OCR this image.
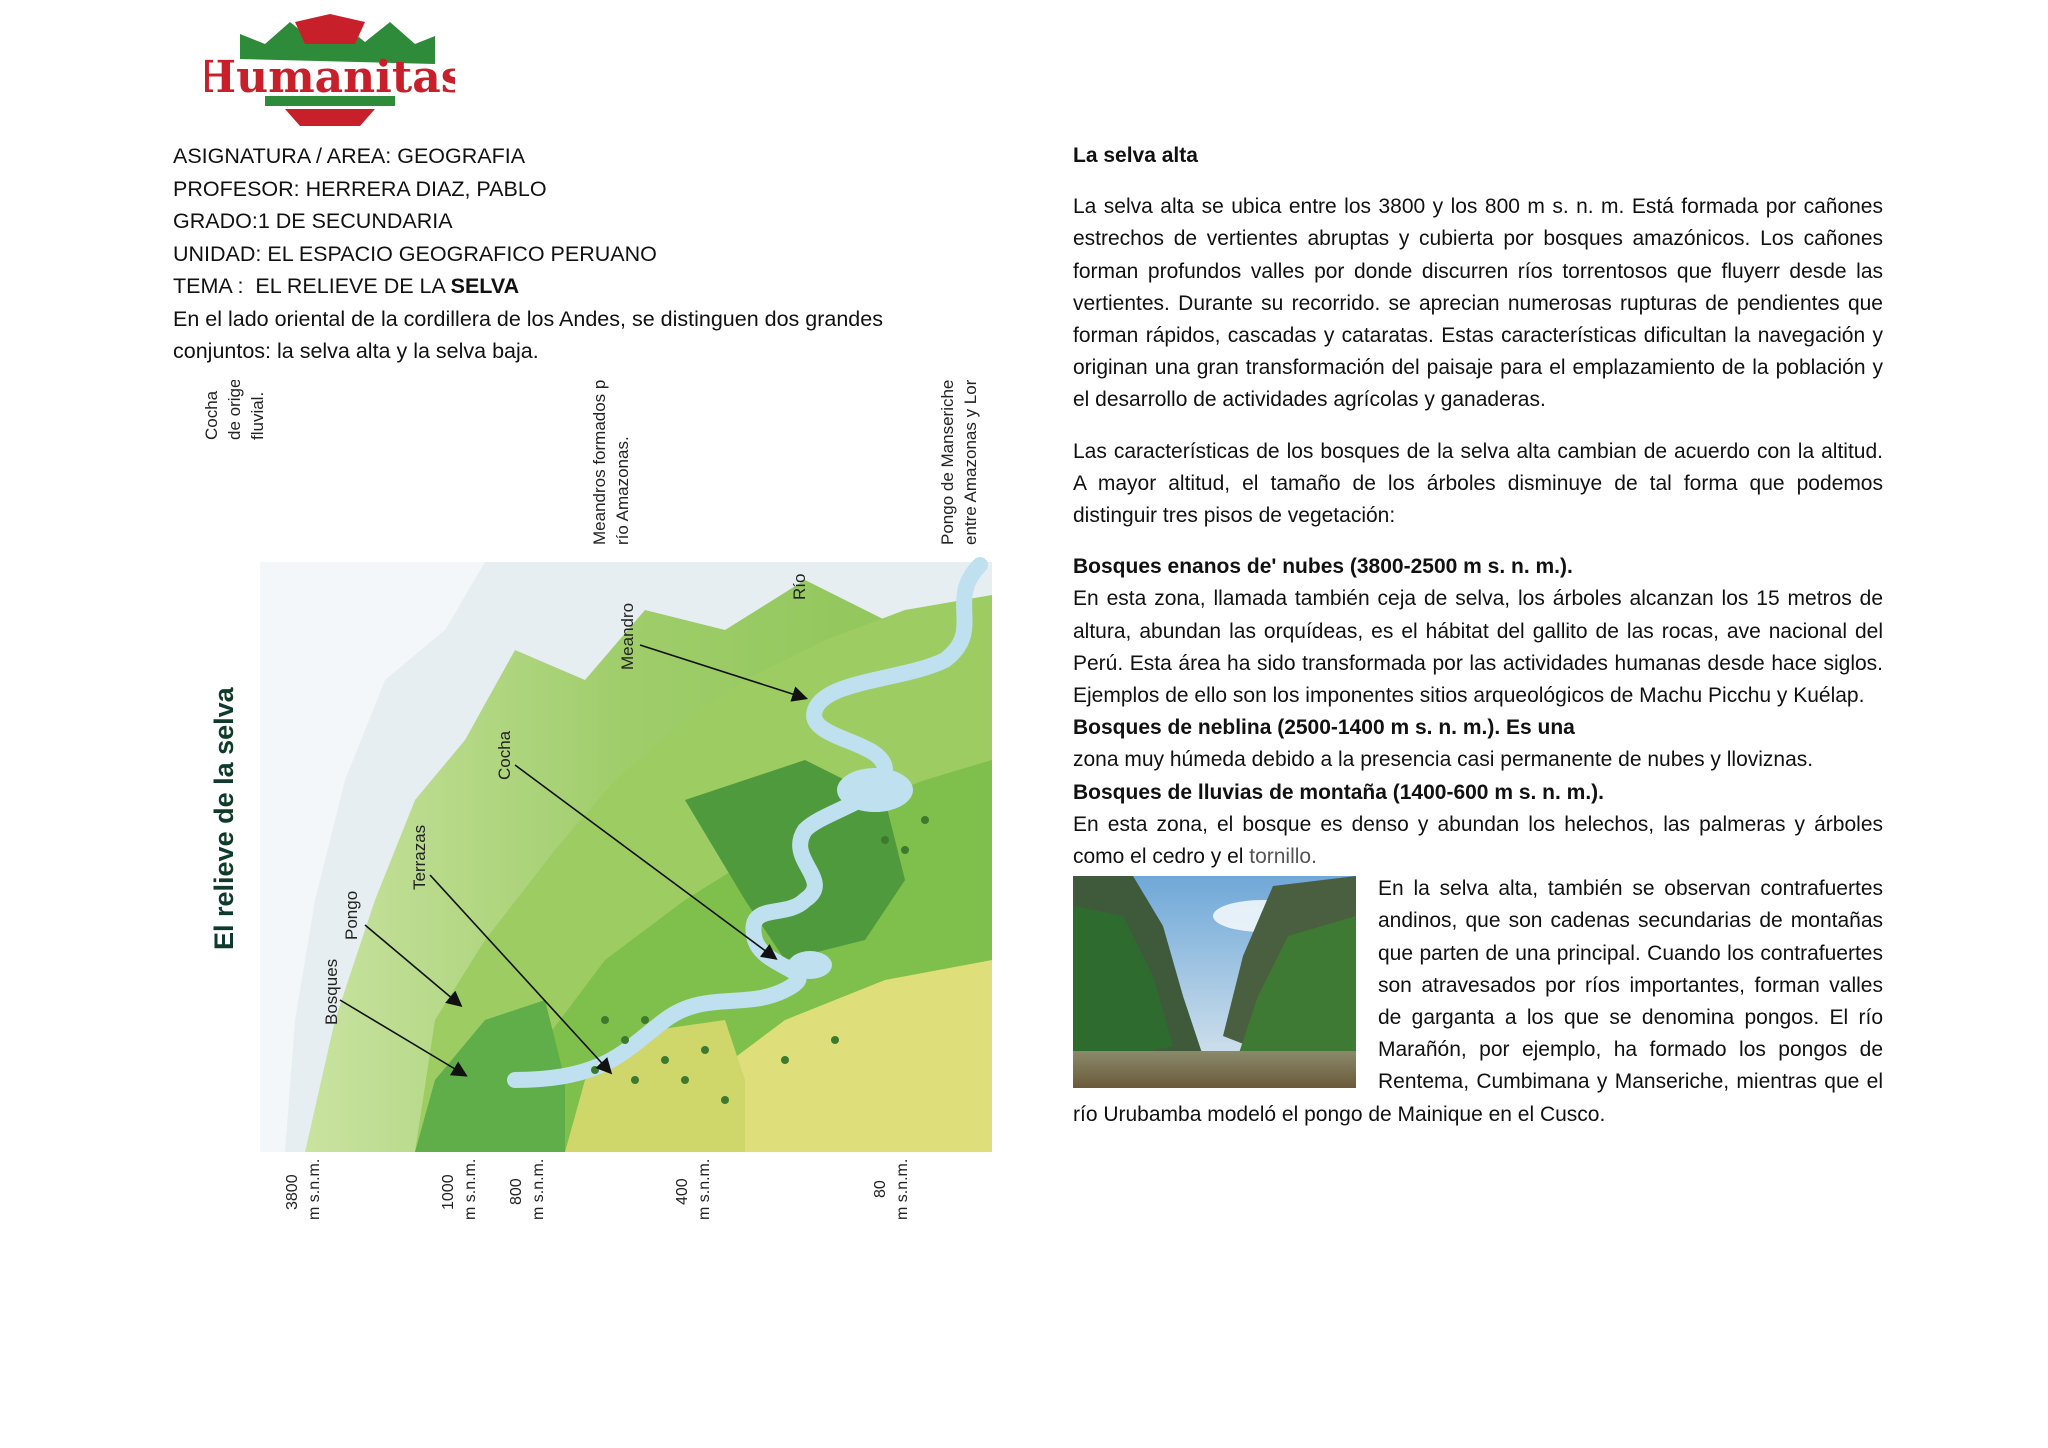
Humanitas
ASIGNATURA / AREA: GEOGRAFIA
PROFESOR: HERRERA DIAZ, PABLO
GRADO:1 DE SECUNDARIA
UNIDAD: EL ESPACIO GEOGRAFICO PERUANO
TEMA :  EL RELIEVE DE LA SELVA
En el lado oriental de la cordillera de los Andes, se distinguen dos grandes conjuntos: la selva alta y la selva baja.
Cocha de origen fluvial.	Meandros formados por el río Amazonas.	Pongo de Manseriche, entre Amazonas y Loreto.
El relieve de la selva
Río
Meandro
Cocha
Terrazas
Pongo
Bosques
3800 m s.n.m.	1000 m s.n.m. 800 m s.n.m.	400 m s.n.m.	80 m s.n.m.

La selva alta

La selva alta se ubica entre los 3800 y los 800 m s. n. m. Está formada por cañones estrechos de vertientes abruptas y cubierta por bosques amazónicos. Los cañones forman profundos valles por donde discurren ríos torrentosos que fluyerr desde las vertientes. Durante su recorrido. se aprecian numerosas rupturas de pendientes que forman rápidos, cascadas y cataratas. Estas características dificultan la navegación y originan una gran transformación del paisaje para el emplazamiento de la población y el desarrollo de actividades agrícolas y ganaderas.

Las características de los bosques de la selva alta cambian de acuerdo con la altitud. A mayor altitud, el tamaño de los árboles disminuye de tal forma que podemos distinguir tres pisos de vegetación:

Bosques enanos de' nubes (3800-2500 m s. n. m.).

En esta zona, llamada también ceja de selva, los árboles alcanzan los 15 metros de altura, abundan las orquídeas, es el hábitat del gallito de las rocas, ave nacional del Perú. Esta área ha sido transformada por las actividades humanas desde hace siglos. Ejemplos de ello son los imponentes sitios arqueológicos de Machu Picchu y Kuélap.

Bosques de neblina (2500-1400 m s. n. m.). Es una

zona muy húmeda debido a la presencia casi permanente de nubes y lloviznas.

Bosques de lluvias de montaña (1400-600 m s. n. m.).

En esta zona, el bosque es denso y abundan los helechos, las palmeras y árboles como el cedro y el tornillo.

En la selva alta, también se observan contrafuertes andinos, que son cadenas secundarias de montañas que parten de una principal. Cuando los contrafuertes son atravesados por ríos importantes, forman valles de garganta a los que se denomina pongos. El río Marañón, por ejemplo, ha formado los pongos de Rentema, Cumbimana y Manseriche, mientras que el río Urubamba modeló el pongo de Mainique en el Cusco.
